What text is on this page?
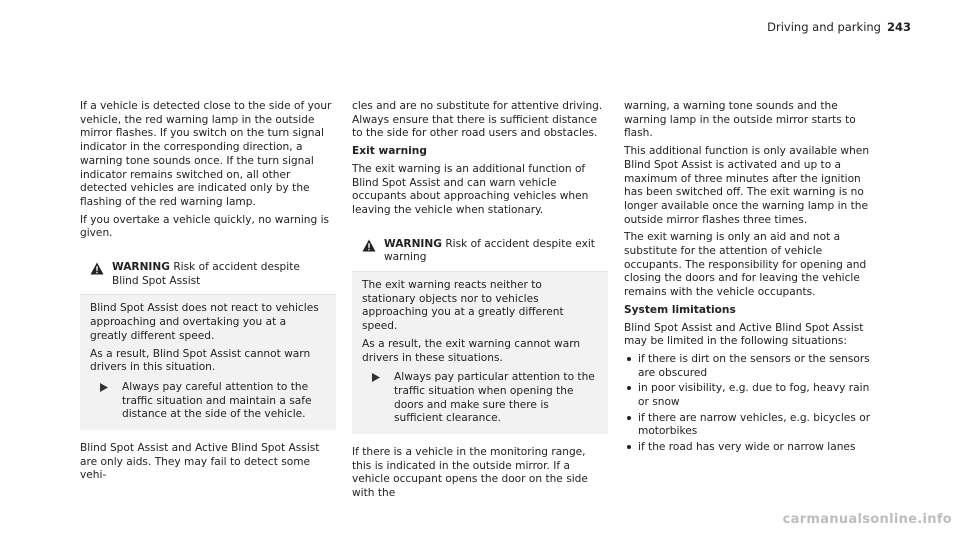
Driving and parking 243

If a vehicle is detected close to the side of your vehicle, the red warning lamp in the outside mirror flashes. If you switch on the turn signal indicator in the corresponding direction, a warning tone sounds once. If the turn signal indicator remains switched on, all other detected vehicles are indicated only by the flashing of the red warning lamp.

If you overtake a vehicle quickly, no warning is given.

WARNING Risk of accident despite Blind Spot Assist

Blind Spot Assist does not react to vehicles approaching and overtaking you at a greatly different speed.

As a result, Blind Spot Assist cannot warn drivers in this situation.

Always pay careful attention to the traffic situation and maintain a safe distance at the side of the vehicle.

Blind Spot Assist and Active Blind Spot Assist are only aids. They may fail to detect some vehi-

cles and are no substitute for attentive driving. Always ensure that there is sufficient distance to the side for other road users and obstacles.

Exit warning

The exit warning is an additional function of Blind Spot Assist and can warn vehicle occupants about approaching vehicles when leaving the vehicle when stationary.

WARNING Risk of accident despite exit warning

The exit warning reacts neither to stationary objects nor to vehicles approaching you at a greatly different speed.

As a result, the exit warning cannot warn drivers in these situations.

Always pay particular attention to the traffic situation when opening the doors and make sure there is sufficient clearance.

If there is a vehicle in the monitoring range, this is indicated in the outside mirror. If a vehicle occupant opens the door on the side with the

warning, a warning tone sounds and the warning lamp in the outside mirror starts to flash.

This additional function is only available when Blind Spot Assist is activated and up to a maximum of three minutes after the ignition has been switched off. The exit warning is no longer available once the warning lamp in the outside mirror flashes three times.

The exit warning is only an aid and not a substitute for the attention of vehicle occupants. The responsibility for opening and closing the doors and for leaving the vehicle remains with the vehicle occupants.

System limitations

Blind Spot Assist and Active Blind Spot Assist may be limited in the following situations:

if there is dirt on the sensors or the sensors are obscured
in poor visibility, e.g. due to fog, heavy rain or snow
if there are narrow vehicles, e.g. bicycles or motorbikes
if the road has very wide or narrow lanes
carmanualsonline.info
